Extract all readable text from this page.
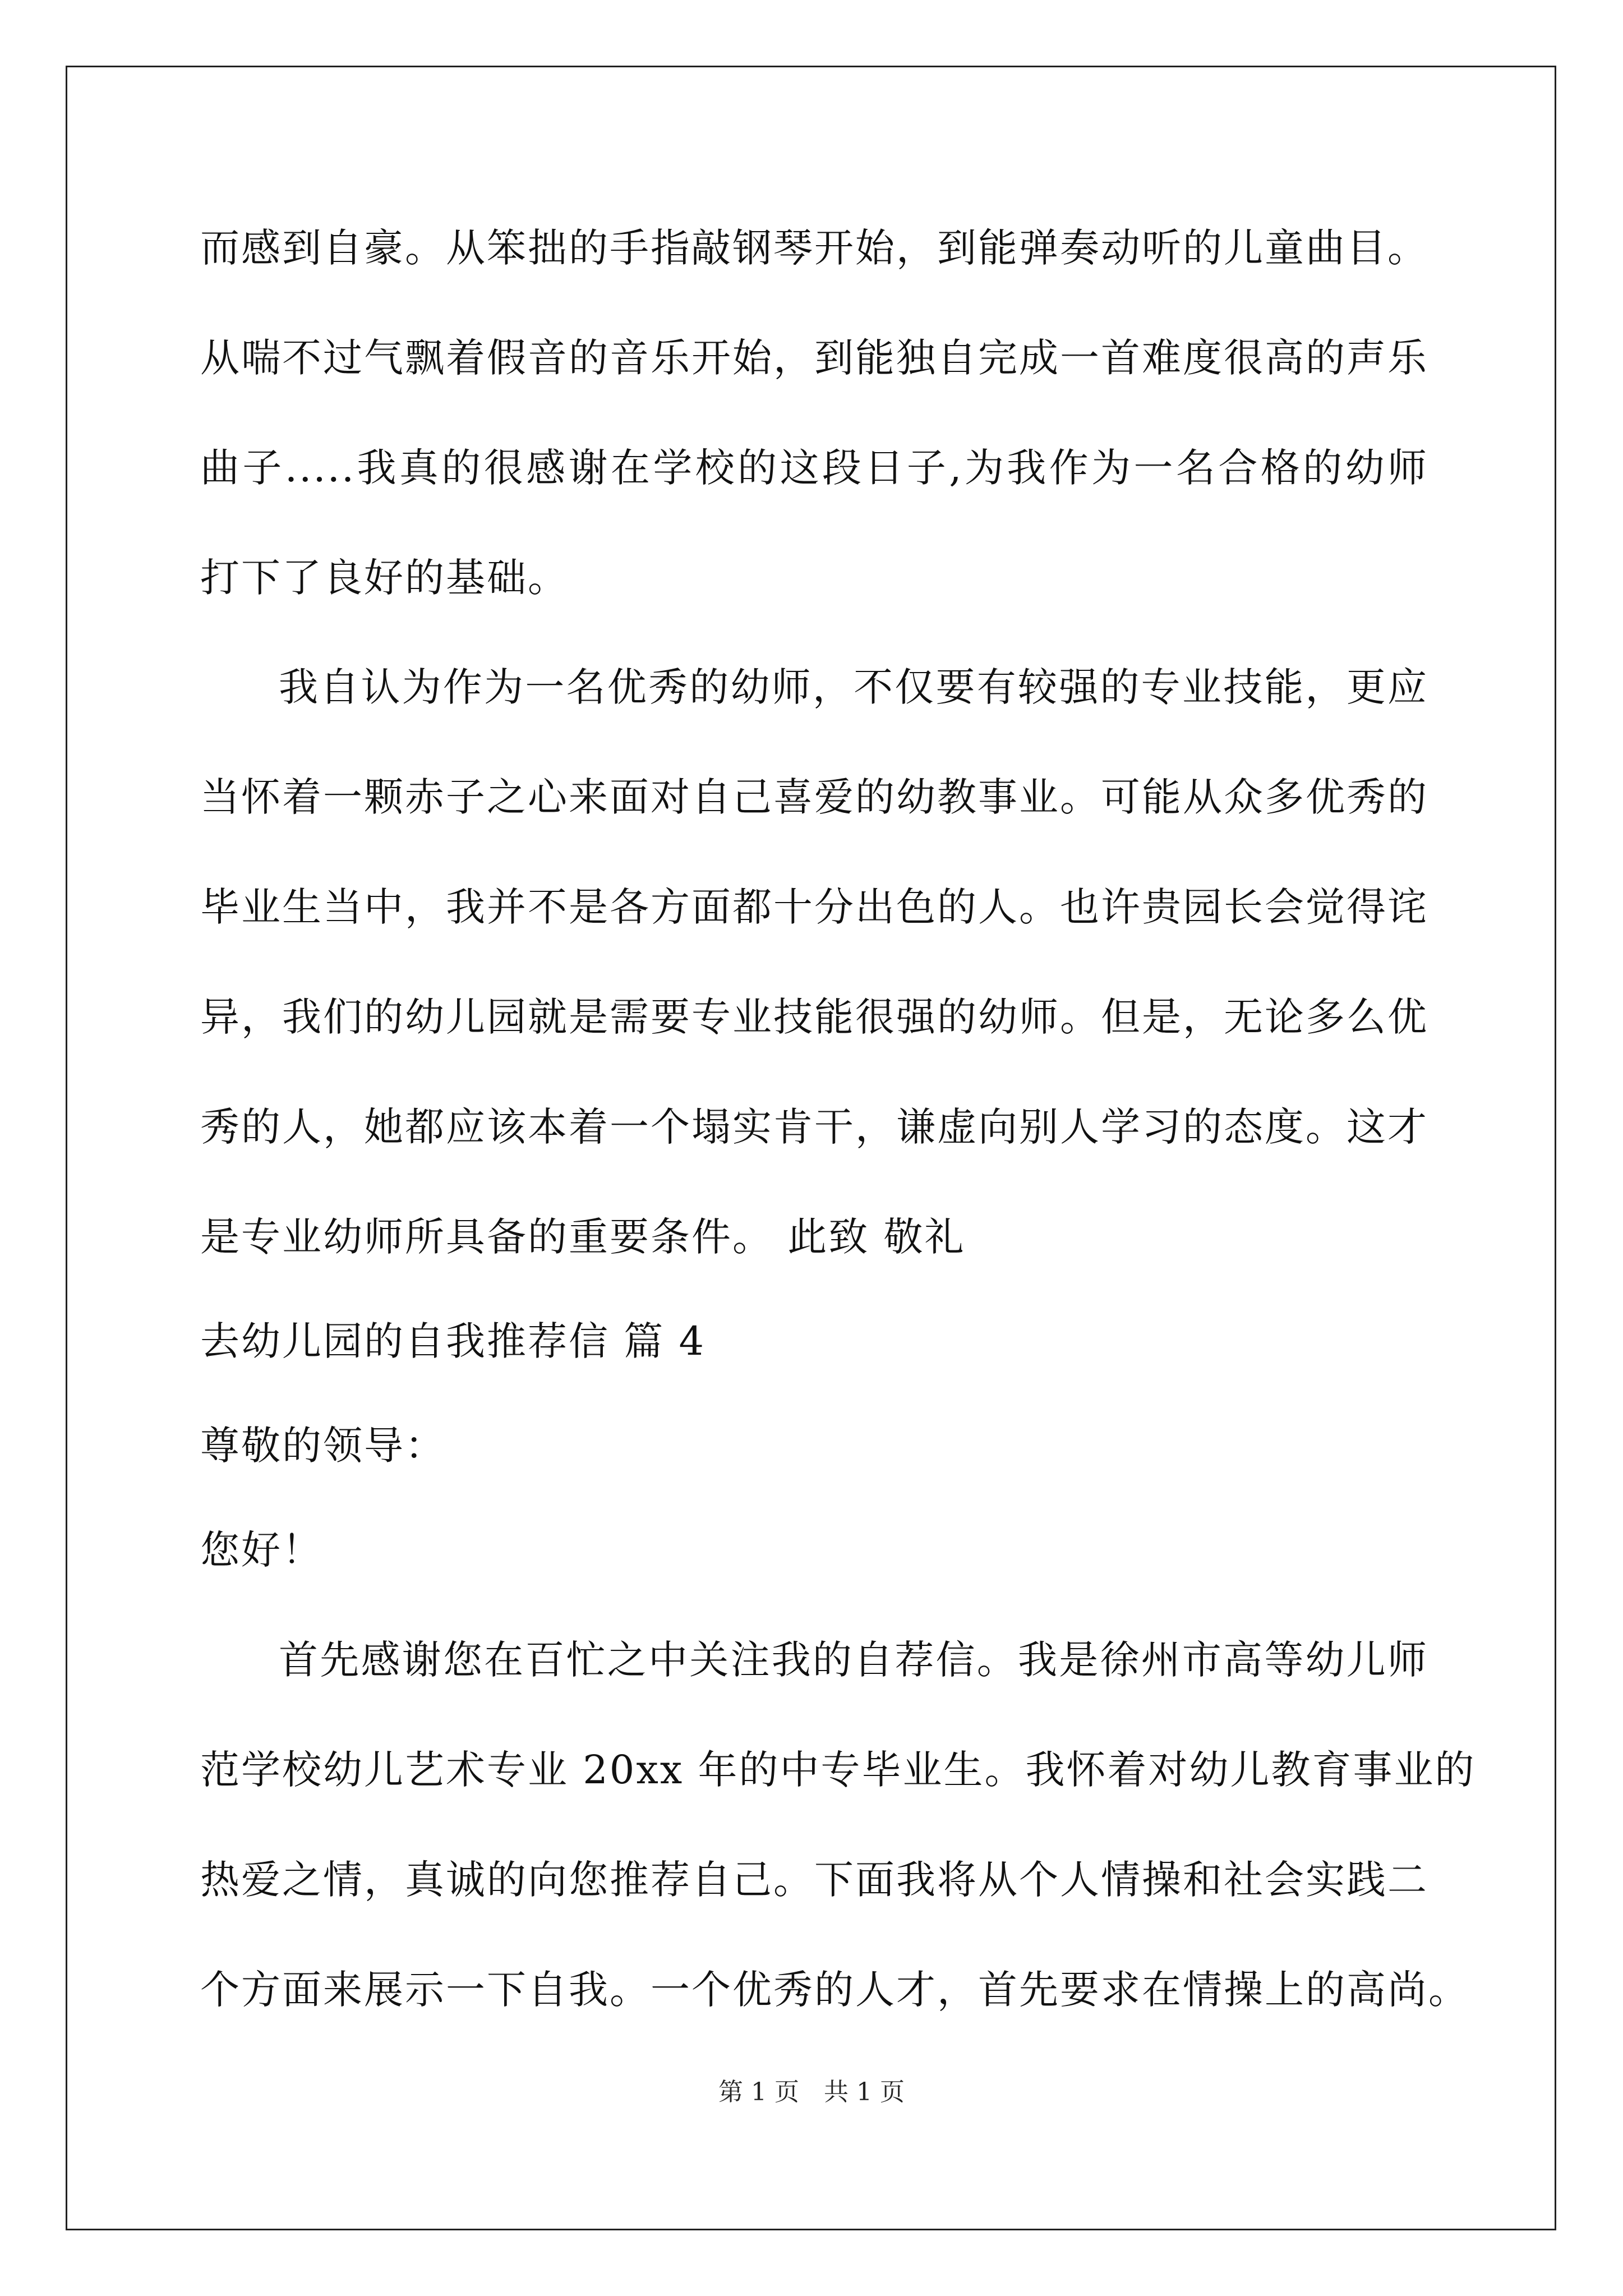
而感到自豪。从笨拙的手指敲钢琴开始，到能弹奏动听的儿童曲目。

从喘不过气飘着假音的音乐开始，到能独自完成一首难度很高的声乐

曲子.....我真的很感谢在学校的这段日子,为我作为一名合格的幼师

打下了良好的基础。

我自认为作为一名优秀的幼师，不仅要有较强的专业技能，更应

当怀着一颗赤子之心来面对自己喜爱的幼教事业。可能从众多优秀的

毕业生当中，我并不是各方面都十分出色的人。也许贵园长会觉得诧

异，我们的幼儿园就是需要专业技能很强的幼师。但是，无论多么优

秀的人，她都应该本着一个塌实肯干，谦虚向别人学习的态度。这才

是专业幼师所具备的重要条件。 此致 敬礼

去幼儿园的自我推荐信 篇 4

尊敬的领导：

您好！

首先感谢您在百忙之中关注我的自荐信。我是徐州市高等幼儿师

范学校幼儿艺术专业 20xx 年的中专毕业生。我怀着对幼儿教育事业的

热爱之情，真诚的向您推荐自己。下面我将从个人情操和社会实践二

个方面来展示一下自我。一个优秀的人才，首先要求在情操上的高尚。

第 1 页　共 1 页
